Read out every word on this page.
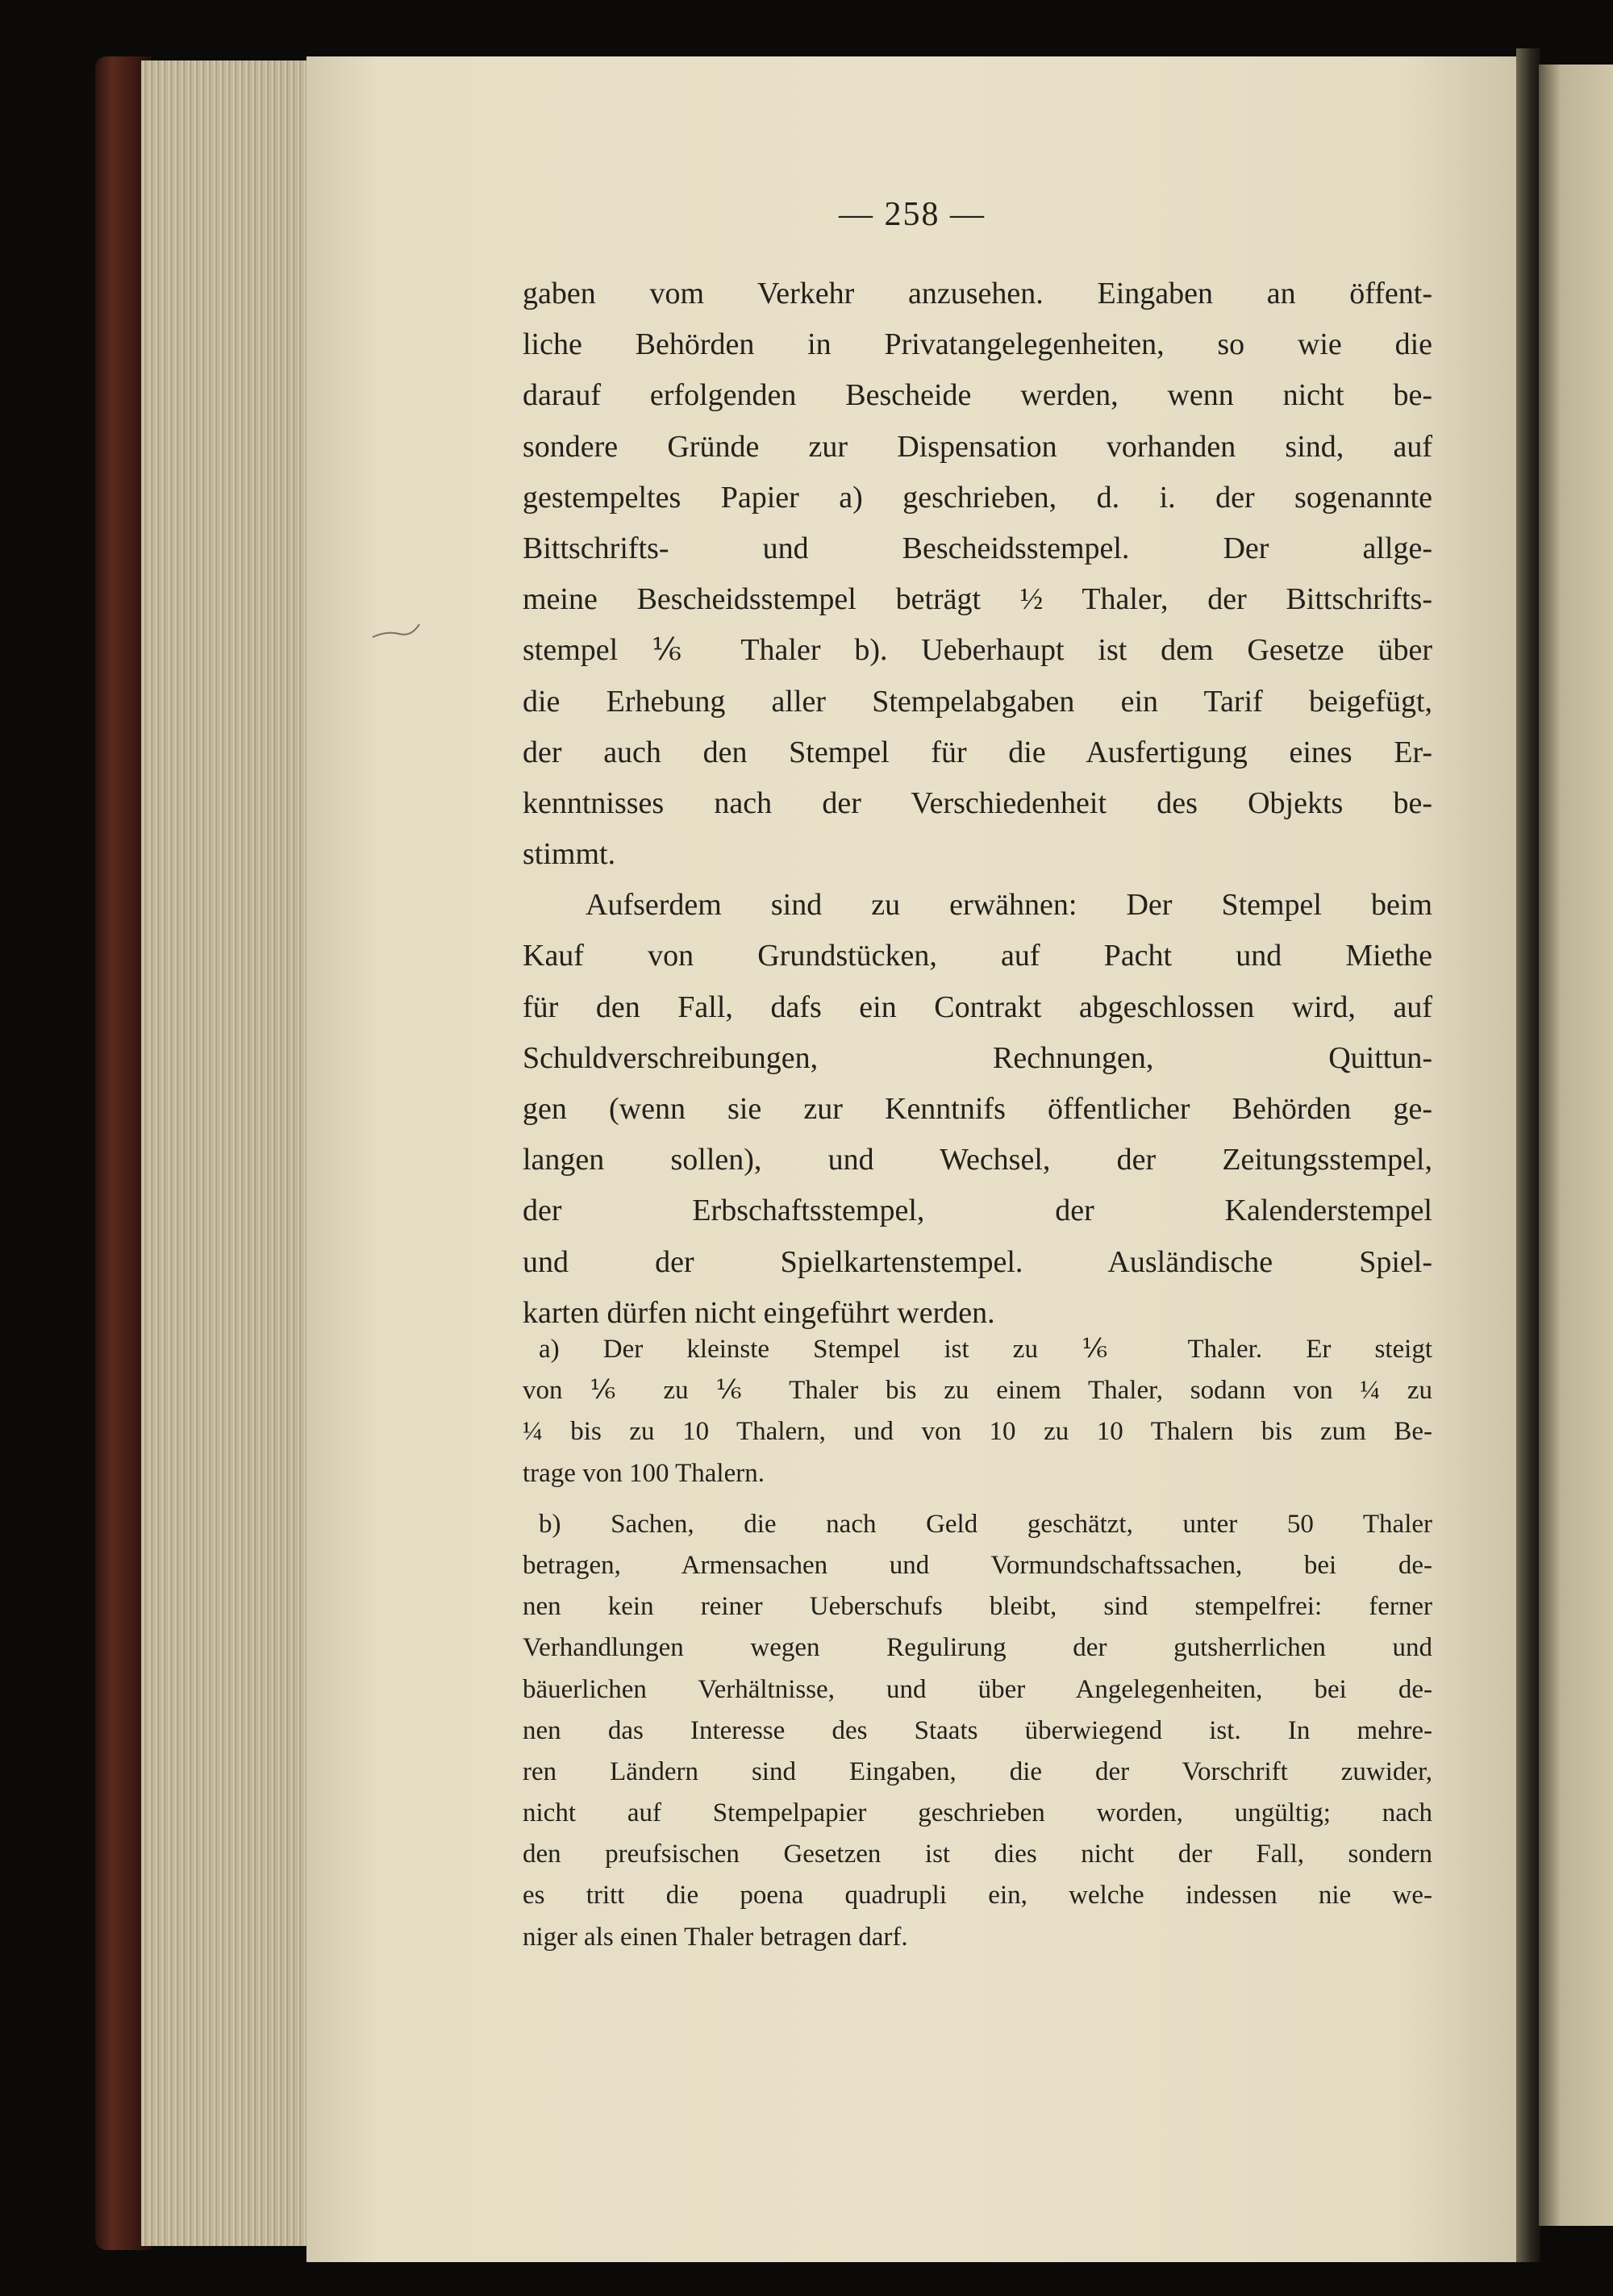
— 258 —
gaben vom Verkehr anzusehen. Eingaben an öffent-
liche Behörden in Privatangelegenheiten, so wie die
darauf erfolgenden Bescheide werden, wenn nicht be-
sondere Gründe zur Dispensation vorhanden sind, auf
gestempeltes Papier a) geschrieben, d. i. der sogenannte
Bittschrifts- und Bescheidsstempel. Der allge-
meine Bescheidsstempel beträgt ½ Thaler, der Bittschrifts-
stempel ⅙ Thaler b). Ueberhaupt ist dem Gesetze über
die Erhebung aller Stempelabgaben ein Tarif beigefügt,
der auch den Stempel für die Ausfertigung eines Er-
kenntnisses nach der Verschiedenheit des Objekts be-
stimmt.
Aufserdem sind zu erwähnen: Der Stempel beim
Kauf von Grundstücken, auf Pacht und Miethe
für den Fall, dafs ein Contrakt abgeschlossen wird, auf
Schuldverschreibungen, Rechnungen, Quittun-
gen (wenn sie zur Kenntnifs öffentlicher Behörden ge-
langen sollen), und Wechsel, der Zeitungsstempel,
der Erbschaftsstempel, der Kalenderstempel
und der Spielkartenstempel. Ausländische Spiel-
karten dürfen nicht eingeführt werden.
a) Der kleinste Stempel ist zu ⅙ Thaler. Er steigt
von ⅙ zu ⅙ Thaler bis zu einem Thaler, sodann von ¼ zu
¼ bis zu 10 Thalern, und von 10 zu 10 Thalern bis zum Be-
trage von 100 Thalern.
b) Sachen, die nach Geld geschätzt, unter 50 Thaler
betragen, Armensachen und Vormundschaftssachen, bei de-
nen kein reiner Ueberschufs bleibt, sind stempelfrei: ferner
Verhandlungen wegen Regulirung der gutsherrlichen und
bäuerlichen Verhältnisse, und über Angelegenheiten, bei de-
nen das Interesse des Staats überwiegend ist. In mehre-
ren Ländern sind Eingaben, die der Vorschrift zuwider,
nicht auf Stempelpapier geschrieben worden, ungültig; nach
den preufsischen Gesetzen ist dies nicht der Fall, sondern
es tritt die poena quadrupli ein, welche indessen nie we-
niger als einen Thaler betragen darf.
